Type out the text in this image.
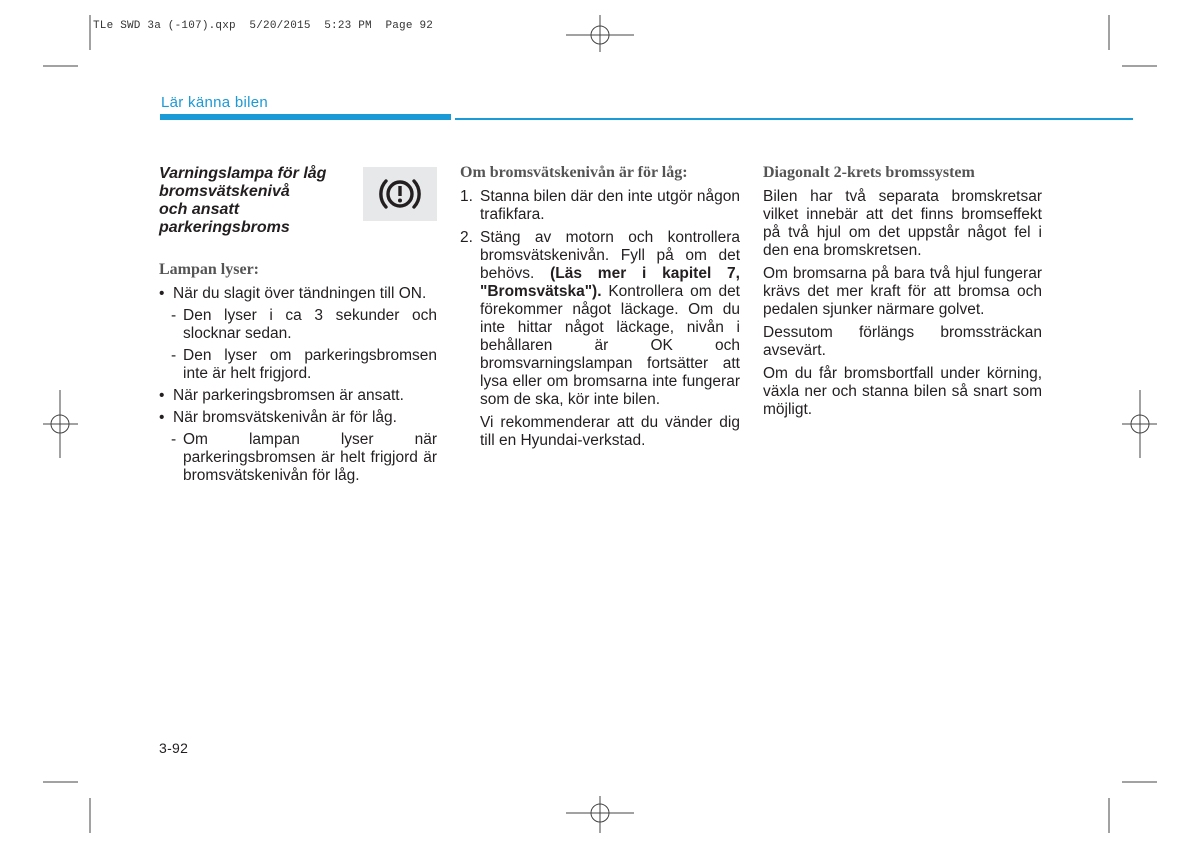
TLe SWD 3a (-107).qxp  5/20/2015  5:23 PM  Page 92
Lär känna bilen
Varningslampa för låg
bromsvätskenivå
och ansatt
parkeringsbroms
Lampan lyser:
• När du slagit över tändningen till ON.
- Den lyser i ca 3 sekunder och slocknar sedan.
- Den lyser om parkeringsbromsen inte är helt frigjord.
• När parkeringsbromsen är ansatt.
• När bromsvätskenivån är för låg.
- Om lampan lyser när parkeringsbromsen är helt frigjord är bromsvätskenivån för låg.
Om bromsvätskenivån är för låg:
1. Stanna bilen där den inte utgör någon trafikfara.
2. Stäng av motorn och kontrollera bromsvätskenivån. Fyll på om det behövs. (Läs mer i kapitel 7, "Bromsvätska"). Kontrollera om det förekommer något läckage. Om du inte hittar något läckage, nivån i behållaren är OK och bromsvarningslampan fortsätter att lysa eller om bromsarna inte fungerar som de ska, kör inte bilen.

Vi rekommenderar att du vänder dig till en Hyundai-verkstad.

Diagonalt 2-krets bromssystem

Bilen har två separata bromskretsar vilket innebär att det finns bromseffekt på två hjul om det uppstår något fel i den ena bromskretsen.

Om bromsarna på bara två hjul fungerar krävs det mer kraft för att bromsa och pedalen sjunker närmare golvet.

Dessutom förlängs bromssträckan avsevärt.

Om du får bromsbortfall under körning, växla ner och stanna bilen så snart som möjligt.

3-92
